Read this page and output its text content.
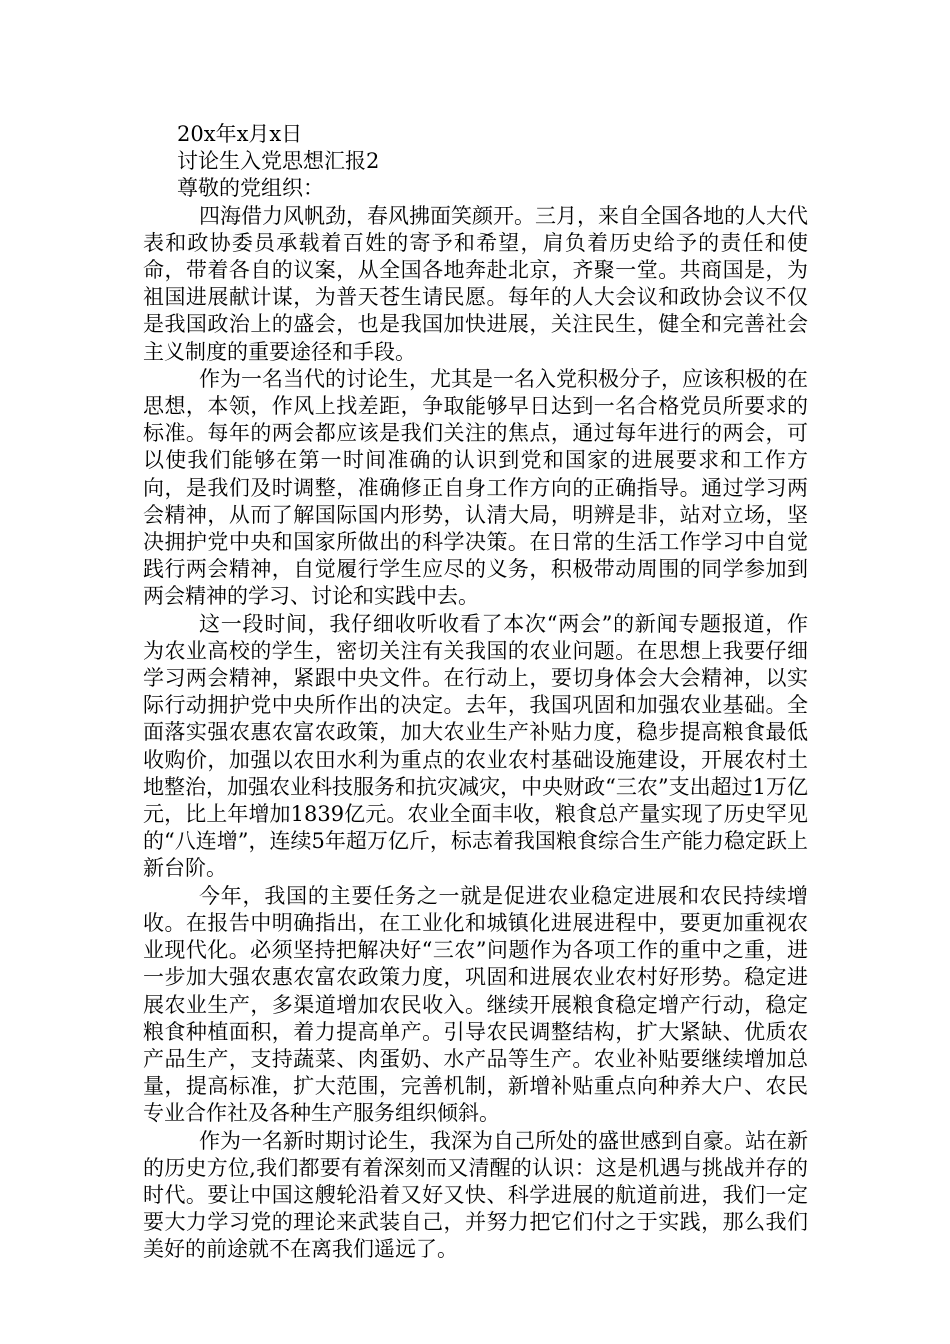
20x年x月x日

讨论生入党思想汇报2

尊敬的党组织：

四海借力风帆劲，春风拂面笑颜开。三月，来自全国各地的人大代表和政协委员承载着百姓的寄予和希望，肩负着历史给予的责任和使命，带着各自的议案，从全国各地奔赴北京，齐聚一堂。共商国是，为祖国进展献计谋，为普天苍生请民愿。每年的人大会议和政协会议不仅是我国政治上的盛会，也是我国加快进展，关注民生，健全和完善社会主义制度的重要途径和手段。

作为一名当代的讨论生，尤其是一名入党积极分子，应该积极的在思想，本领，作风上找差距，争取能够早日达到一名合格党员所要求的标准。每年的两会都应该是我们关注的焦点，通过每年进行的两会，可以使我们能够在第一时间准确的认识到党和国家的进展要求和工作方向，是我们及时调整，准确修正自身工作方向的正确指导。通过学习两会精神，从而了解国际国内形势，认清大局，明辨是非，站对立场，坚决拥护党中央和国家所做出的科学决策。在日常的生活工作学习中自觉践行两会精神，自觉履行学生应尽的义务，积极带动周围的同学参加到两会精神的学习、讨论和实践中去。

这一段时间，我仔细收听收看了本次“两会”的新闻专题报道，作为农业高校的学生，密切关注有关我国的农业问题。在思想上我要仔细学习两会精神，紧跟中央文件。在行动上，要切身体会大会精神，以实际行动拥护党中央所作出的决定。去年，我国巩固和加强农业基础。全面落实强农惠农富农政策，加大农业生产补贴力度，稳步提高粮食最低收购价，加强以农田水利为重点的农业农村基础设施建设，开展农村土地整治，加强农业科技服务和抗灾减灾，中央财政“三农”支出超过1万亿元，比上年增加1839亿元。农业全面丰收，粮食总产量实现了历史罕见的“八连增”，连续5年超万亿斤，标志着我国粮食综合生产能力稳定跃上新台阶。

今年，我国的主要任务之一就是促进农业稳定进展和农民持续增收。在报告中明确指出，在工业化和城镇化进展进程中，要更加重视农业现代化。必须坚持把解决好“三农”问题作为各项工作的重中之重，进一步加大强农惠农富农政策力度，巩固和进展农业农村好形势。稳定进展农业生产，多渠道增加农民收入。继续开展粮食稳定增产行动，稳定粮食种植面积，着力提高单产。引导农民调整结构，扩大紧缺、优质农产品生产，支持蔬菜、肉蛋奶、水产品等生产。农业补贴要继续增加总量，提高标准，扩大范围，完善机制，新增补贴重点向种养大户、农民专业合作社及各种生产服务组织倾斜。

作为一名新时期讨论生，我深为自己所处的盛世感到自豪。站在新的历史方位,我们都要有着深刻而又清醒的认识：这是机遇与挑战并存的时代。要让中国这艘轮沿着又好又快、科学进展的航道前进，我们一定要大力学习党的理论来武装自己，并努力把它们付之于实践，那么我们美好的前途就不在离我们遥远了。
